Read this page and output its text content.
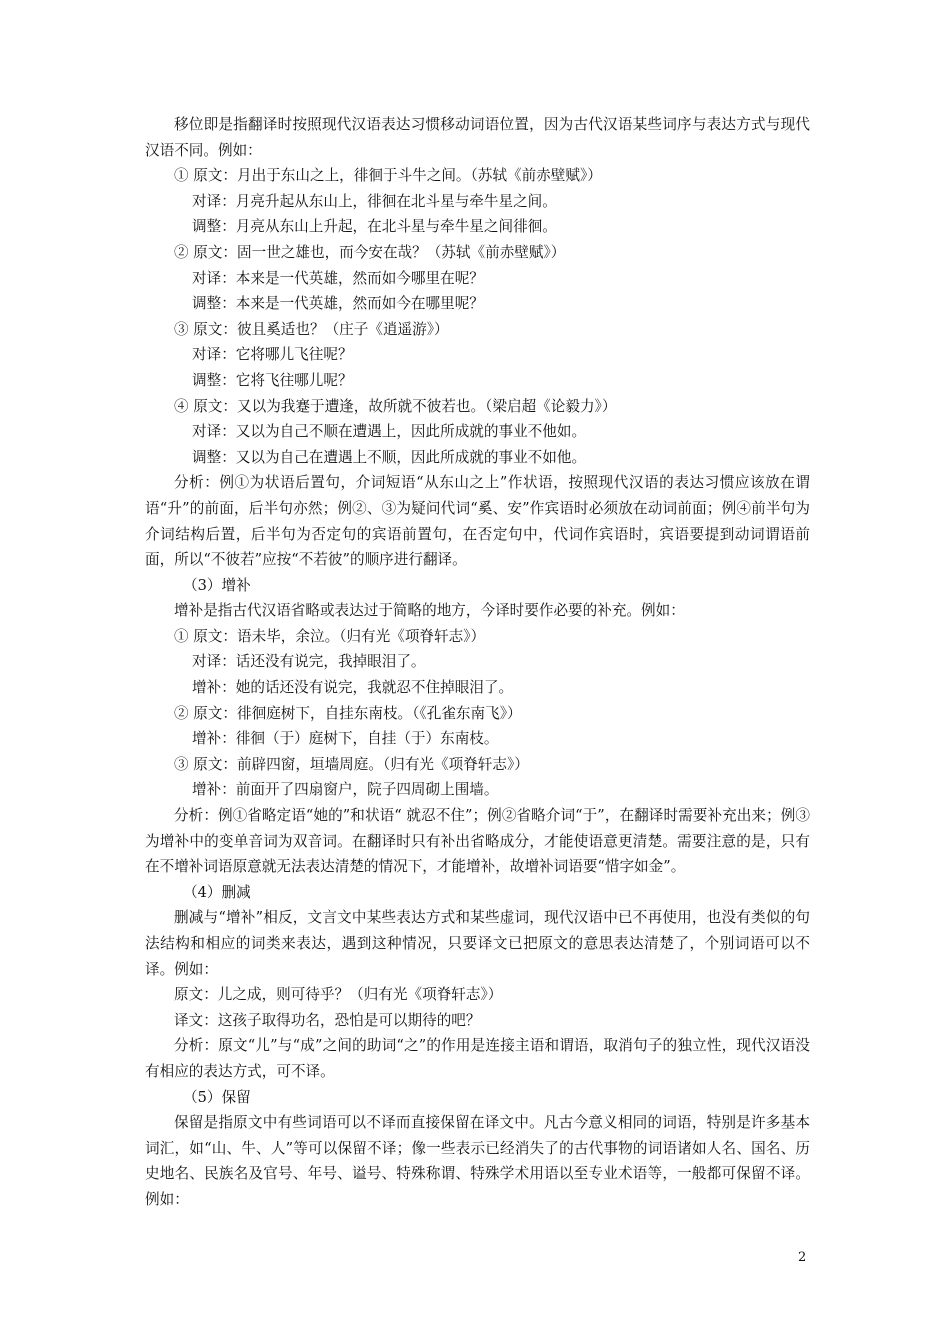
移位即是指翻译时按照现代汉语表达习惯移动词语位置，因为古代汉语某些词序与表达方式与现代汉语不同。例如：

① 原文：月出于东山之上，徘徊于斗牛之间。（苏轼《前赤壁赋》）

对译：月亮升起从东山上，徘徊在北斗星与牵牛星之间。

调整：月亮从东山上升起，在北斗星与牵牛星之间徘徊。

② 原文：固一世之雄也，而今安在哉？（苏轼《前赤壁赋》）

对译：本来是一代英雄，然而如今哪里在呢？

调整：本来是一代英雄，然而如今在哪里呢？

③ 原文：彼且奚适也？（庄子《逍遥游》）

对译：它将哪儿飞往呢？

调整：它将飞往哪儿呢？

④ 原文：又以为我蹇于遭逢，故所就不彼若也。（梁启超《论毅力》）

对译：又以为自己不顺在遭遇上，因此所成就的事业不他如。

调整：又以为自己在遭遇上不顺，因此所成就的事业不如他。

分析：例①为状语后置句，介词短语“从东山之上”作状语，按照现代汉语的表达习惯应该放在谓语“升”的前面，后半句亦然；例②、③为疑问代词“奚、安”作宾语时必须放在动词前面；例④前半句为介词结构后置，后半句为否定句的宾语前置句，在否定句中，代词作宾语时，宾语要提到动词谓语前面，所以“不彼若”应按“不若彼”的顺序进行翻译。

（3）增补

增补是指古代汉语省略或表达过于简略的地方，今译时要作必要的补充。例如：

① 原文：语未毕，余泣。（归有光《项脊轩志》）

对译：话还没有说完，我掉眼泪了。

增补：她的话还没有说完，我就忍不住掉眼泪了。

② 原文：徘徊庭树下，自挂东南枝。（《孔雀东南飞》）

增补：徘徊（于）庭树下，自挂（于）东南枝。

③ 原文：前辟四窗，垣墙周庭。（归有光《项脊轩志》）

增补：前面开了四扇窗户，院子四周砌上围墙。

分析：例①省略定语“她的”和状语“ 就忍不住”；例②省略介词“于”，在翻译时需要补充出来；例③为增补中的变单音词为双音词。在翻译时只有补出省略成分，才能使语意更清楚。需要注意的是，只有在不增补词语原意就无法表达清楚的情况下，才能增补，故增补词语要“惜字如金”。

（4）删减

删减与“增补”相反，文言文中某些表达方式和某些虚词，现代汉语中已不再使用，也没有类似的句法结构和相应的词类来表达，遇到这种情况，只要译文已把原文的意思表达清楚了，个别词语可以不译。例如：

原文：儿之成，则可待乎？（归有光《项脊轩志》）

译文：这孩子取得功名，恐怕是可以期待的吧？

分析：原文“儿”与“成”之间的助词“之”的作用是连接主语和谓语，取消句子的独立性，现代汉语没有相应的表达方式，可不译。

（5）保留

保留是指原文中有些词语可以不译而直接保留在译文中。凡古今意义相同的词语，特别是许多基本词汇，如“山、牛、人”等可以保留不译；像一些表示已经消失了的古代事物的词语诸如人名、国名、历史地名、民族名及官号、年号、谥号、特殊称谓、特殊学术用语以至专业术语等，一般都可保留不译。例如：

2
